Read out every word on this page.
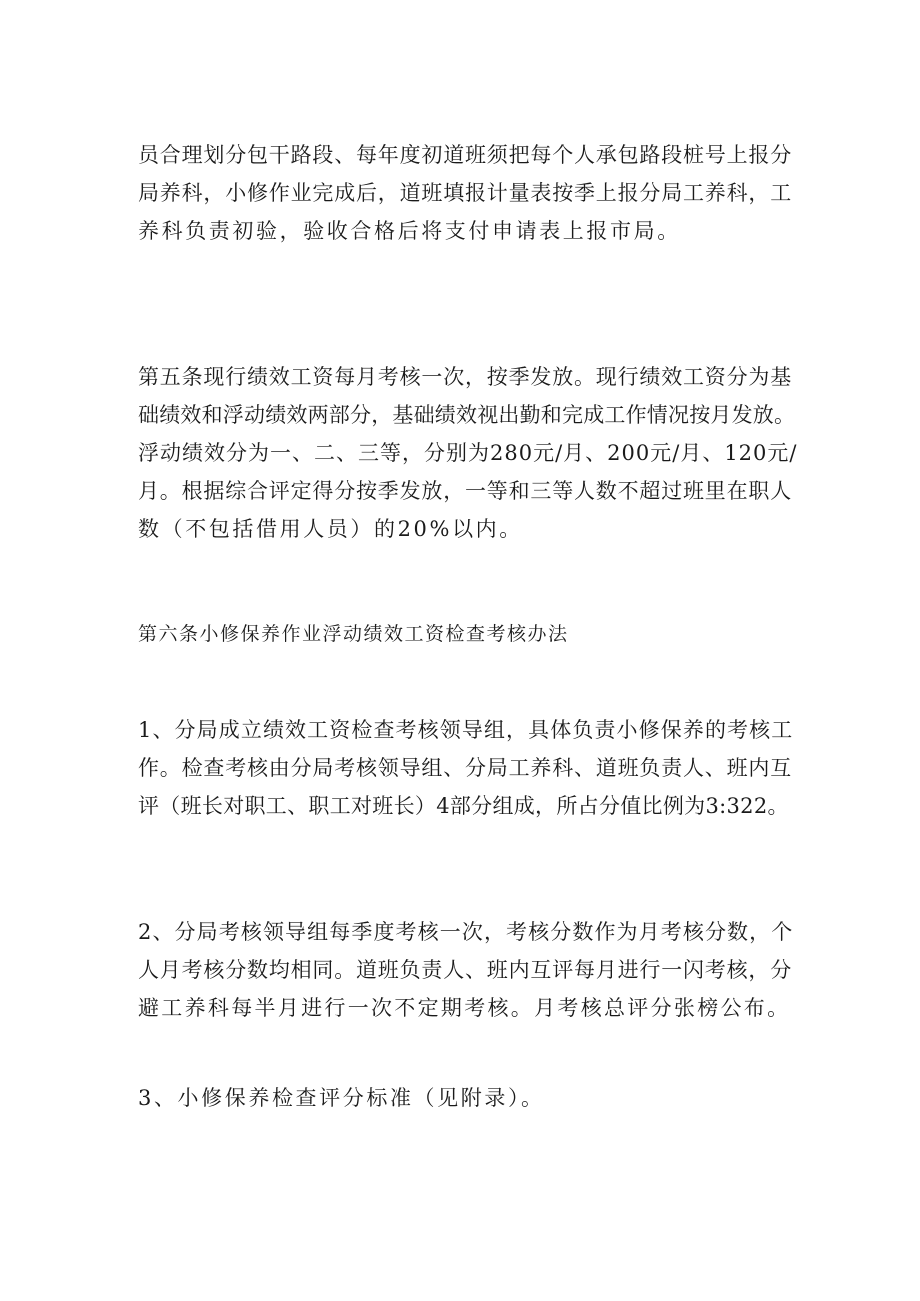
员合理划分包干路段、每年度初道班须把每个人承包路段桩号上报分
局养科，小修作业完成后，道班填报计量表按季上报分局工养科，工
养科负责初验，验收合格后将支付申请表上报市局。

第五条现行绩效工资每月考核一次，按季发放。现行绩效工资分为基
础绩效和浮动绩效两部分，基础绩效视出勤和完成工作情况按月发放。
浮动绩效分为一、二、三等，分别为280元/月、200元/月、120元/
月。根据综合评定得分按季发放，一等和三等人数不超过班里在职人
数（不包括借用人员）的20%以内。

第六条小修保养作业浮动绩效工资检查考核办法

1、分局成立绩效工资检查考核领导组，具体负责小修保养的考核工
作。检查考核由分局考核领导组、分局工养科、道班负责人、班内互
评（班长对职工、职工对班长）4部分组成，所占分值比例为3:322。

2、分局考核领导组每季度考核一次，考核分数作为月考核分数，个
人月考核分数均相同。道班负责人、班内互评每月进行一闪考核，分
避工养科每半月进行一次不定期考核。月考核总评分张榜公布。

3、小修保养检查评分标准（见附录）。
